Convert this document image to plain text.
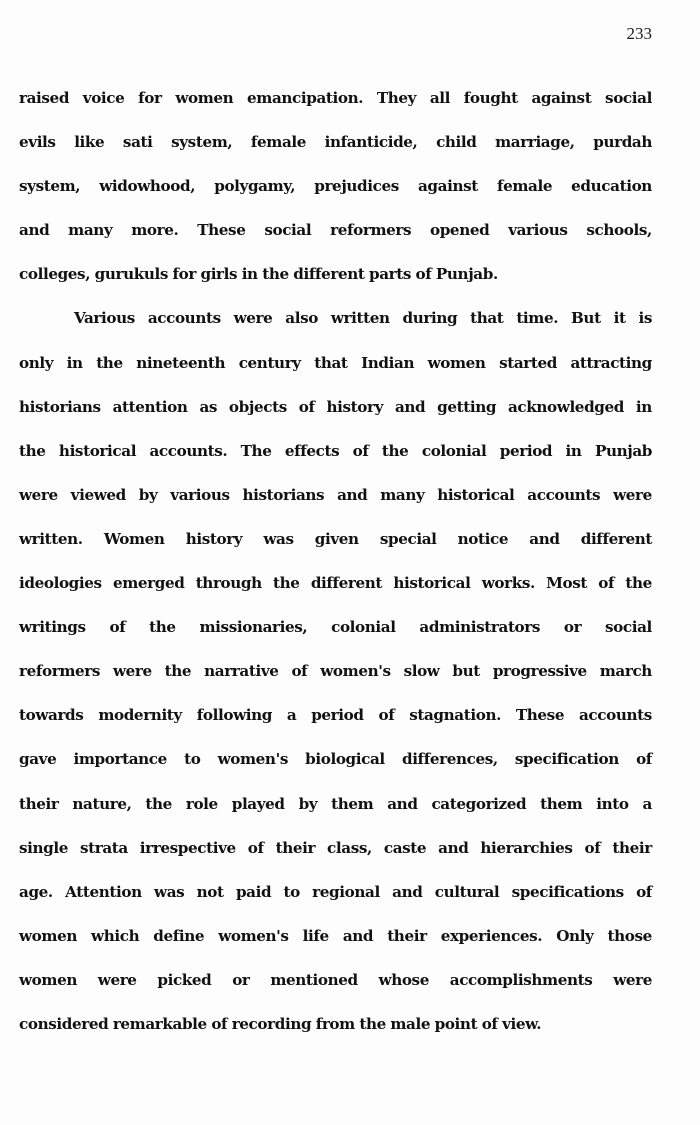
233
raised voice for women emancipation. They all fought against social
evils like sati system, female infanticide, child marriage, purdah
system, widowhood, polygamy, prejudices against female education
and many more. These social reformers opened various schools,
colleges, gurukuls for girls in the different parts of Punjab.
Various accounts were also written during that time. But it is
only in the nineteenth century that Indian women started attracting
historians attention as objects of history and getting acknowledged in
the historical accounts. The effects of the colonial period in Punjab
were viewed by various historians and many historical accounts were
written. Women history was given special notice and different
ideologies emerged through the different historical works. Most of the
writings of the missionaries, colonial administrators or social
reformers were the narrative of women's slow but progressive march
towards modernity following a period of stagnation. These accounts
gave importance to women's biological differences, specification of
their nature, the role played by them and categorized them into a
single strata irrespective of their class, caste and hierarchies of their
age. Attention was not paid to regional and cultural specifications of
women which define women's life and their experiences. Only those
women were picked or mentioned whose accomplishments were
considered remarkable of recording from the male point of view.
